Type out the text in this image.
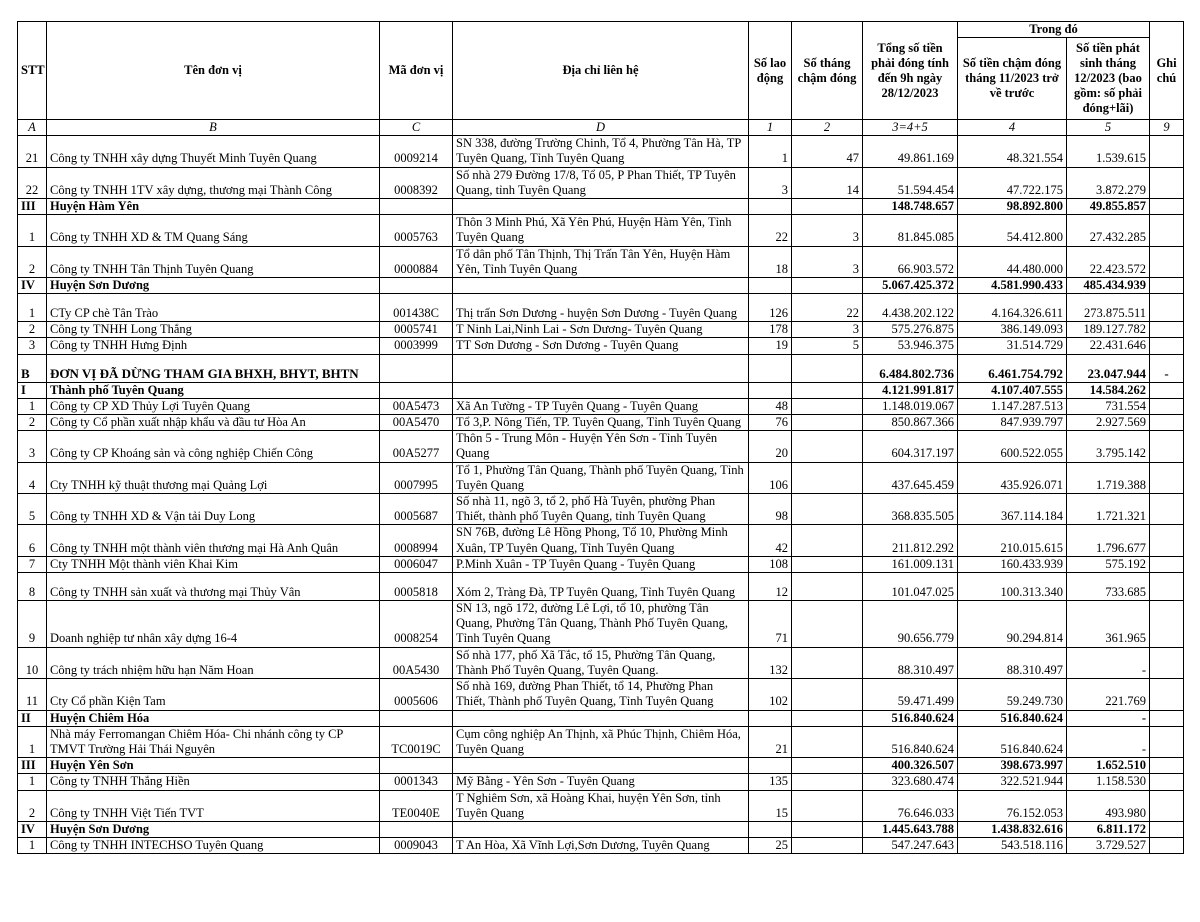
STT	Tên đơn vị	Mã đơn vị	Địa chỉ liên hệ	Số lao động	Số tháng chậm đóng	Tổng số tiền phải đóng tính đến 9h ngày 28/12/2023	Trong đó		Ghi chú
							Số tiền chậm đóng tháng 11/2023 trở về trước	Số tiền phát sinh tháng 12/2023 (bao gồm: số phải đóng+lãi)	
A	B	C	D	1	2	3=4+5	4	5	9
21	Công ty TNHH xây dựng Thuyết Minh Tuyên Quang	0009214	SN 338, đường Trường Chinh, Tổ 4, Phường Tân Hà, TP Tuyên Quang, Tỉnh Tuyên Quang	1	47	49.861.169	48.321.554	1.539.615	
22	Công ty TNHH 1TV xây dựng, thương mại Thành Công	0008392	Số nhà 279 Đường 17/8, Tổ 05, P Phan Thiết, TP Tuyên Quang, tỉnh Tuyên Quang	3	14	51.594.454	47.722.175	3.872.279	
III	Huyện Hàm Yên					148.748.657	98.892.800	49.855.857	
1	Công ty TNHH XD & TM Quang Sáng	0005763	Thôn 3 Minh Phú, Xã Yên Phú, Huyện Hàm Yên, Tỉnh Tuyên Quang	22	3	81.845.085	54.412.800	27.432.285	
2	Công ty TNHH Tân Thịnh Tuyên Quang	0000884	Tổ dân phố Tân Thịnh, Thị Trấn Tân Yên, Huyện Hàm Yên, Tỉnh Tuyên Quang	18	3	66.903.572	44.480.000	22.423.572	
IV	Huyện Sơn Dương					5.067.425.372	4.581.990.433	485.434.939	
1	CTy CP chè Tân Trào	001438C	Thị trấn Sơn Dương - huyện Sơn Dương - Tuyên Quang	126	22	4.438.202.122	4.164.326.611	273.875.511	
2	Công ty TNHH Long Thắng	0005741	T Ninh Lai,Ninh Lai - Sơn Dương- Tuyên Quang	178	3	575.276.875	386.149.093	189.127.782	
3	Công ty TNHH Hưng Định	0003999	TT Sơn Dương - Sơn Dương - Tuyên Quang	19	5	53.946.375	31.514.729	22.431.646	
B	ĐƠN VỊ ĐÃ DỪNG THAM GIA BHXH, BHYT, BHTN					6.484.802.736	6.461.754.792	23.047.944	-
I	Thành phố Tuyên Quang					4.121.991.817	4.107.407.555	14.584.262	
1	Công ty CP XD Thủy Lợi Tuyên Quang	00A5473	Xã An Tường - TP Tuyên Quang - Tuyên Quang	48		1.148.019.067	1.147.287.513	731.554	
2	Công ty Cổ phần xuất nhập khẩu và đầu tư Hòa An	00A5470	Tổ 3,P. Nông Tiến, TP. Tuyên Quang, Tỉnh Tuyên Quang	76		850.867.366	847.939.797	2.927.569	
3	Công ty CP Khoáng sản và công nghiệp Chiến Công	00A5277	Thôn 5 - Trung Môn - Huyện Yên Sơn - Tỉnh Tuyên Quang	20		604.317.197	600.522.055	3.795.142	
4	Cty TNHH kỹ thuật thương mại Quảng Lợi	0007995	Tổ 1, Phường Tân Quang, Thành phố Tuyên Quang, Tỉnh Tuyên Quang	106		437.645.459	435.926.071	1.719.388	
5	Công ty TNHH XD & Vận tải Duy Long	0005687	Số nhà 11, ngõ 3, tổ 2, phố Hà Tuyên, phường Phan Thiết, thành phố Tuyên Quang, tỉnh Tuyên Quang	98		368.835.505	367.114.184	1.721.321	
6	Công ty TNHH một thành viên thương mại Hà Anh Quân	0008994	SN 76B, đường Lê Hồng Phong, Tổ 10, Phường Minh Xuân, TP Tuyên Quang, Tỉnh Tuyên Quang	42		211.812.292	210.015.615	1.796.677	
7	Cty TNHH Một thành viên Khai Kim	0006047	P.Minh Xuân - TP Tuyên Quang - Tuyên Quang	108		161.009.131	160.433.939	575.192	
8	Công ty TNHH sản xuất và thương mại Thủy Vân	0005818	Xóm 2, Tràng Đà, TP Tuyên Quang, Tỉnh Tuyên Quang	12		101.047.025	100.313.340	733.685	
9	Doanh nghiệp tư nhân xây dựng 16-4	0008254	SN 13, ngõ 172, đường Lê Lợi, tổ 10, phường Tân Quang, Phường Tân Quang, Thành Phố Tuyên Quang, Tỉnh Tuyên Quang	71		90.656.779	90.294.814	361.965	
10	Công ty trách nhiệm hữu hạn Năm Hoan	00A5430	Số nhà 177, phố Xã Tắc, tổ 15, Phường Tân Quang, Thành Phố Tuyên Quang, Tuyên Quang.	132		88.310.497	88.310.497	-	
11	Cty Cổ phần Kiện Tam	0005606	Số nhà 169, đường Phan Thiết, tổ 14, Phường Phan Thiết, Thành phố Tuyên Quang, Tỉnh Tuyên Quang	102		59.471.499	59.249.730	221.769	
II	Huyện Chiêm Hóa					516.840.624	516.840.624	-	
1	Nhà máy Ferromangan Chiêm Hóa- Chi nhánh công ty CP TMVT Trường Hải Thái Nguyên	TC0019C	Cụm công nghiệp An Thịnh, xã Phúc Thịnh, Chiêm Hóa, Tuyên Quang	21		516.840.624	516.840.624	-	
III	Huyện Yên Sơn					400.326.507	398.673.997	1.652.510	
1	Công ty TNHH Thắng Hiền	0001343	Mỹ Bằng - Yên Sơn - Tuyên Quang	135		323.680.474	322.521.944	1.158.530	
2	Công ty TNHH Việt Tiến TVT	TE0040E	T Nghiêm Sơn, xã Hoàng Khai, huyện Yên Sơn, tỉnh Tuyên Quang	15		76.646.033	76.152.053	493.980	
IV	Huyện Sơn Dương					1.445.643.788	1.438.832.616	6.811.172	
1	Công ty TNHH INTECHSO Tuyên Quang	0009043	T An Hòa, Xã Vĩnh Lợi,Sơn Dương, Tuyên Quang	25		547.247.643	543.518.116	3.729.527	
